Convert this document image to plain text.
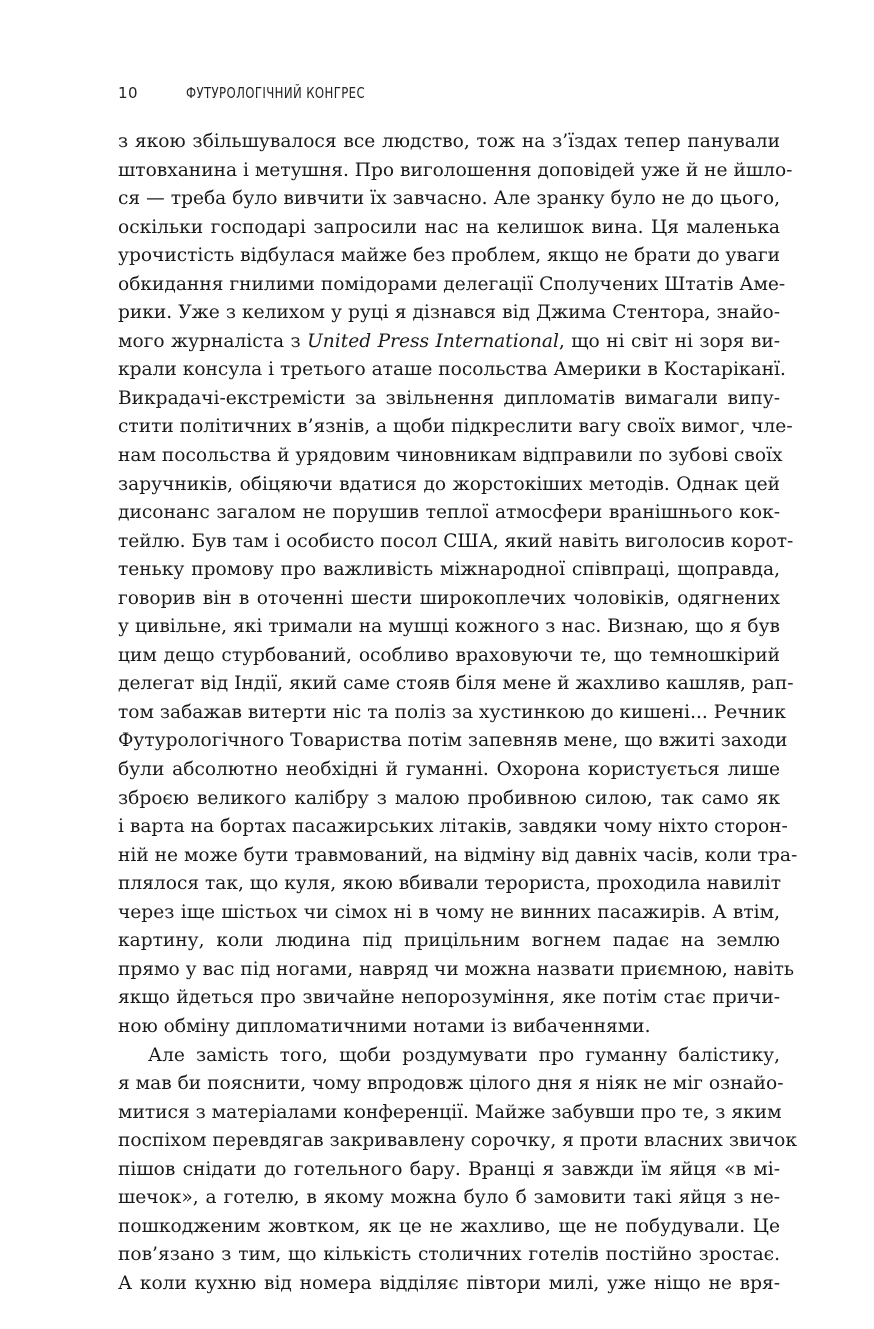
10	ФУТУРОЛОГІЧНИЙ КОНГРЕС
з якою збільшувалося все людство, тож на з’їздах тепер панували
штовханина і метушня. Про виголошення доповідей уже й не йшло-
ся — треба було вивчити їх завчасно. Але зранку було не до цього,
оскільки господарі запросили нас на келишок вина. Ця маленька
урочистість відбулася майже без проблем, якщо не брати до уваги
обкидання гнилими помідорами делегації Сполучених Штатів Аме-
рики. Уже з келихом у руці я дізнався від Джима Стентора, знайо-
мого журналіста з United Press International, що ні світ ні зоря ви-
крали консула і третього аташе посольства Америки в Костаріканї.
Викрадачі-екстремісти за звільнення дипломатів вимагали випу-
стити політичних в’язнів, а щоби підкреслити вагу своїх вимог, чле-
нам посольства й урядовим чиновникам відправили по зубові своїх
заручників, обіцяючи вдатися до жорстокіших методів. Однак цей
дисонанс загалом не порушив теплої атмосфери вранішнього кок-
тейлю. Був там і особисто посол США, який навіть виголосив корот-
теньку промову про важливість міжнародної співпраці, щоправда,
говорив він в оточенні шести широкоплечих чоловіків, одягнених
у цивільне, які тримали на мушці кожного з нас. Визнаю, що я був
цим дещо стурбований, особливо враховуючи те, що темношкірий
делегат від Індії, який саме стояв біля мене й жахливо кашляв, рап-
том забажав витерти ніс та поліз за хустинкою до кишені... Речник
Футурологічного Товариства потім запевняв мене, що вжиті заходи
були абсолютно необхідні й гуманні. Охорона користується лише
зброєю великого калібру з малою пробивною силою, так само як
і варта на бортах пасажирських літаків, завдяки чому ніхто сторон-
ній не може бути травмований, на відміну від давніх часів, коли тра-
плялося так, що куля, якою вбивали терориста, проходила навиліт
через іще шістьох чи сімох ні в чому не винних пасажирів. А втім,
картину, коли людина під прицільним вогнем падає на землю
прямо у вас під ногами, навряд чи можна назвати приємною, навіть
якщо йдеться про звичайне непорозуміння, яке потім стає причи-
ною обміну дипломатичними нотами із вибаченнями.
Але замість того, щоби роздумувати про гуманну балістику,
я мав би пояснити, чому впродовж цілого дня я ніяк не міг ознайо-
митися з матеріалами конференції. Майже забувши про те, з яким
поспіхом перевдягав закривавлену сорочку, я проти власних звичок
пішов снідати до готельного бару. Вранці я завжди їм яйця «в мі-
шечок», а готелю, в якому можна було б замовити такі яйця з не-
пошкодженим жовтком, як це не жахливо, ще не побудували. Це
пов’язано з тим, що кількість столичних готелів постійно зростає.
А коли кухню від номера відділяє півтори милі, уже ніщо не вря-
